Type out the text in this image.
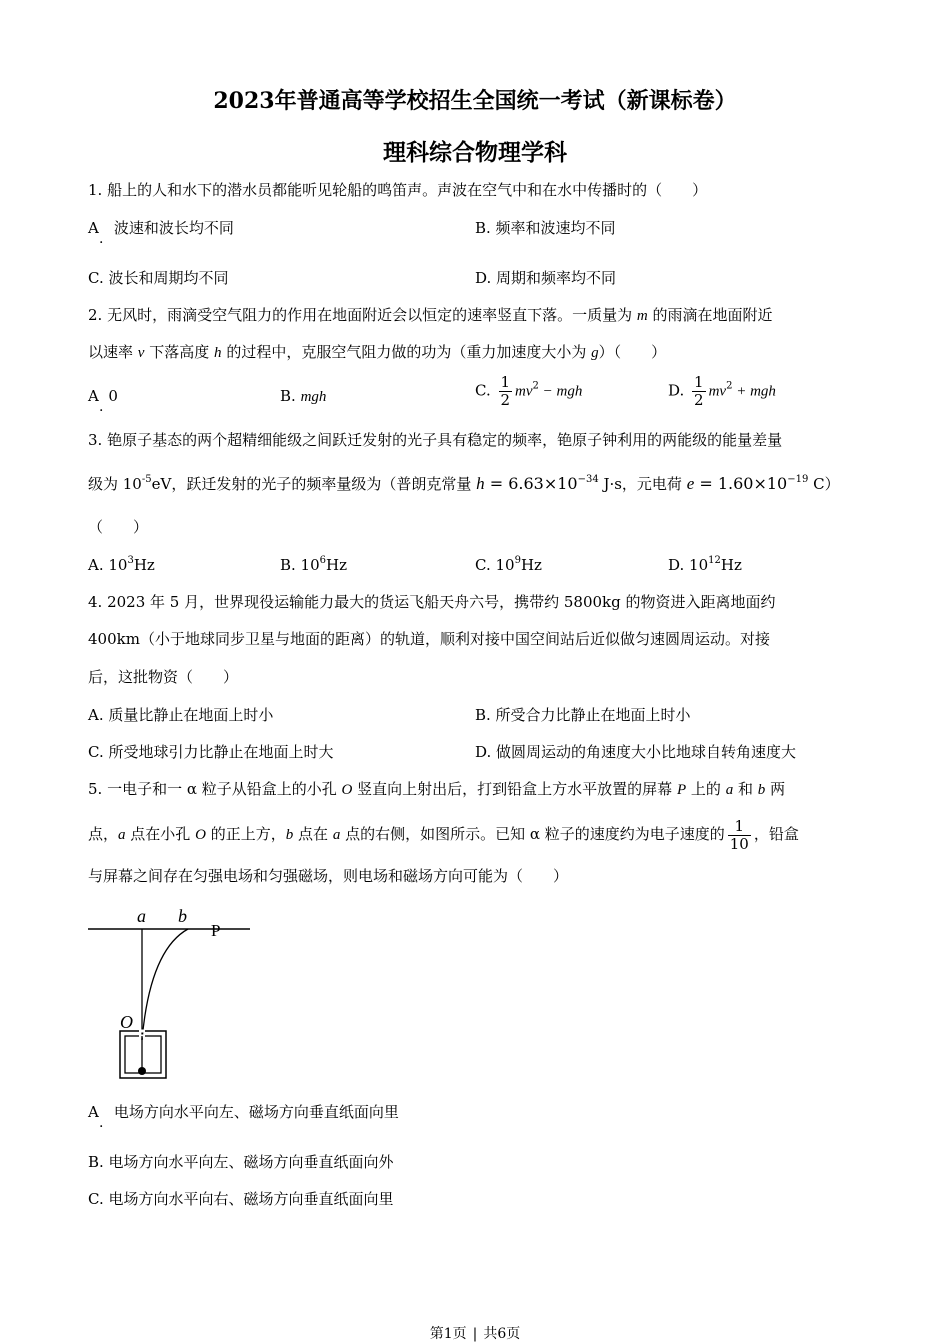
2023年普通高等学校招生全国统一考试（新课标卷）
理科综合物理学科
1. 船上的人和水下的潜水员都能听见轮船的鸣笛声。声波在空气中和在水中传播时的（　　）
A　波速和波长均不同
·
B. 频率和波速均不同
C. 波长和周期均不同	D. 周期和频率均不同
2. 无风时，雨滴受空气阻力的作用在地面附近会以恒定的速率竖直下落。一质量为 m 的雨滴在地面附近
以速率 v 下落高度 h 的过程中，克服空气阻力做的功为（重力加速度大小为 g）（　　）
A 0
·
B. mgh	C. $\frac{1}{2} mv^2$ − mgh	D. $\frac{1}{2} mv^2$ + mgh
3. 铯原子基态的两个超精细能级之间跃迁发射的光子具有稳定的频率，铯原子钟利用的两能级的能量差量
级为 $10^{-5}eV$，跃迁发射的光子的频率量级为（普朗克常量 $h = 6.63\times 10^{-34}$ J·s，元电荷 $e = 1.60\times 10^{-19}$ C）
（　　）
A. $10^3Hz$	B. $10^6Hz$	C. $10^9Hz$	D. $10^{12}Hz$
4. 2023 年 5 月，世界现役运输能力最大的货运飞船天舟六号，携带约 5800kg 的物资进入距离地面约
400km（小于地球同步卫星与地面的距离）的轨道，顺利对接中国空间站后近似做匀速圆周运动。对接
后，这批物资（　　）
A. 质量比静止在地面上时小	B. 所受合力比静止在地面上时小
C. 所受地球引力比静止在地面上时大	D. 做圆周运动的角速度大小比地球自转角速度大
5. 一电子和一 α 粒子从铅盒上的小孔 O 竖直向上射出后，打到铅盒上方水平放置的屏幕 P 上的 a 和 b 两
点，a 点在小孔 O 的正上方，b 点在 a 点的右侧，如图所示。已知 α 粒子的速度约为电子速度的 $\frac{1}{10}$ ，铅盒
与屏幕之间存在匀强电场和匀强磁场，则电场和磁场方向可能为（　　）
a b
P
O
A　电场方向水平向左、磁场方向垂直纸面向里
·
B. 电场方向水平向左、磁场方向垂直纸面向外
C. 电场方向水平向右、磁场方向垂直纸面向里
第1页 | 共6页
